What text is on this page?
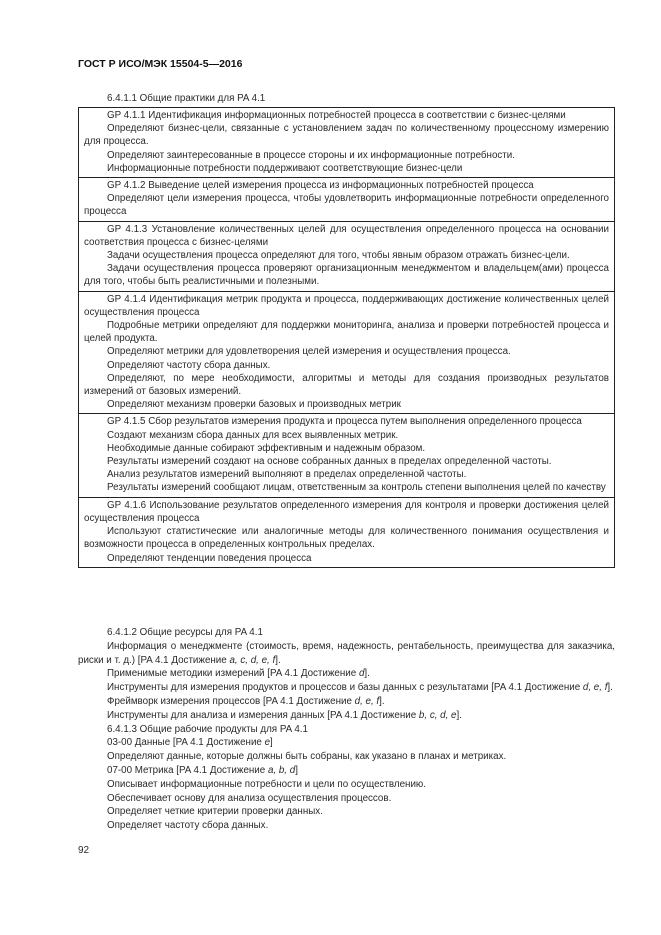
ГОСТ Р ИСО/МЭК 15504-5—2016
6.4.1.1 Общие практики для PA 4.1

GP 4.1.1 Идентификация информационных потребностей процесса в соответствии с бизнес-целями

Определяют бизнес-цели, связанные с установлением задач по количественному процессному измерению для процесса.

Определяют заинтересованные в процессе стороны и их информационные потребности.

Информационные потребности поддерживают соответствующие бизнес-цели

GP 4.1.2 Выведение целей измерения процесса из информационных потребностей процесса

Определяют цели измерения процесса, чтобы удовлетворить информационные потребности определенного процесса

GP 4.1.3 Установление количественных целей для осуществления определенного процесса на основании соответствия процесса с бизнес-целями

Задачи осуществления процесса определяют для того, чтобы явным образом отражать бизнес-цели.

Задачи осуществления процесса проверяют организационным менеджментом и владельцем(ами) процесса для того, чтобы быть реалистичными и полезными.

GP 4.1.4 Идентификация метрик продукта и процесса, поддерживающих достижение количественных целей осуществления процесса

Подробные метрики определяют для поддержки мониторинга, анализа и проверки потребностей процесса и целей продукта.

Определяют метрики для удовлетворения целей измерения и осуществления процесса.

Определяют частоту сбора данных.

Определяют, по мере необходимости, алгоритмы и методы для создания производных результатов измерений от базовых измерений.

Определяют механизм проверки базовых и производных метрик

GP 4.1.5 Сбор результатов измерения продукта и процесса путем выполнения определенного процесса

Создают механизм сбора данных для всех выявленных метрик.

Необходимые данные собирают эффективным и надежным образом.

Результаты измерений создают на основе собранных данных в пределах определенной частоты.

Анализ результатов измерений выполняют в пределах определенной частоты.

Результаты измерений сообщают лицам, ответственным за контроль степени выполнения целей по качеству

GP 4.1.6 Использование результатов определенного измерения для контроля и проверки достижения целей осуществления процесса

Используют статистические или аналогичные методы для количественного понимания осуществления и возможности процесса в определенных контрольных пределах.

Определяют тенденции поведения процесса

6.4.1.2 Общие ресурсы для PA 4.1

Информация о менеджменте (стоимость, время, надежность, рентабельность, преимущества для заказчика, риски и т. д.) [PA 4.1 Достижение a, c, d, e, f].

Применимые методики измерений [PA 4.1 Достижение d].

Инструменты для измерения продуктов и процессов и базы данных с результатами [PA 4.1 Достижение d, e, f].

Фреймворк измерения процессов [PA 4.1 Достижение d, e, f].

Инструменты для анализа и измерения данных [PA 4.1 Достижение b, c, d, e].

6.4.1.3 Общие рабочие продукты для PA 4.1

03-00 Данные [PA 4.1 Достижение e]

Определяют данные, которые должны быть собраны, как указано в планах и метриках.

07-00 Метрика [PA 4.1 Достижение a, b, d]

Описывает информационные потребности и цели по осуществлению.

Обеспечивает основу для анализа осуществления процессов.

Определяет четкие критерии проверки данных.

Определяет частоту сбора данных.

92
